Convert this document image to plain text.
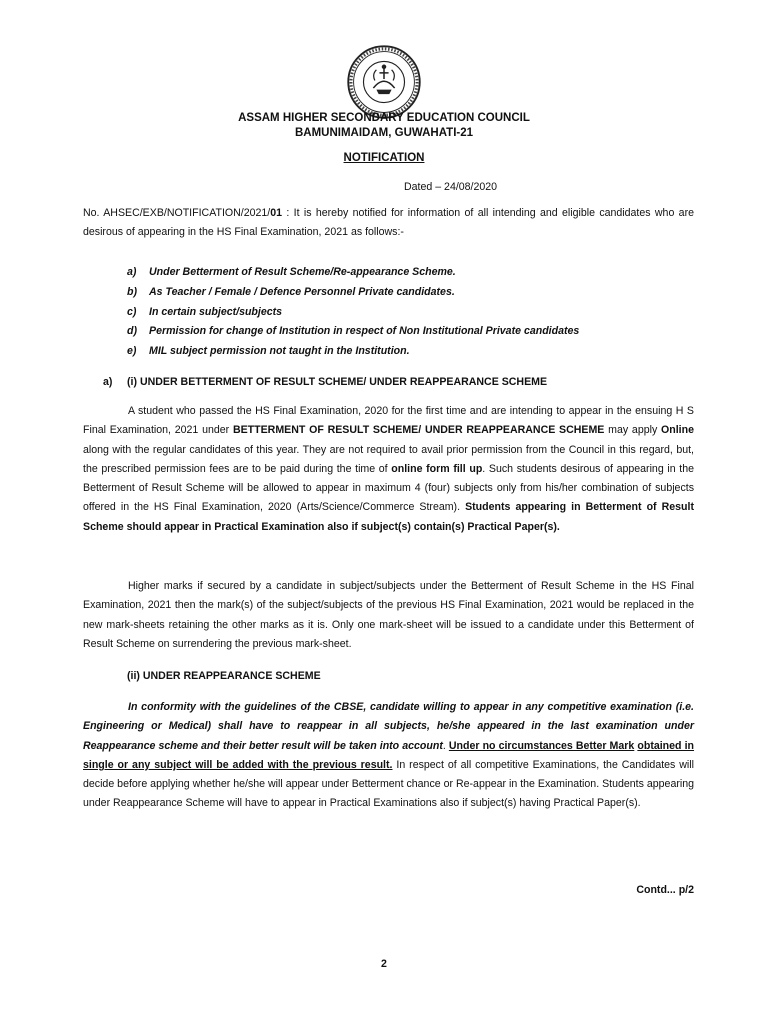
ASSAM HIGHER SECONDARY EDUCATION COUNCIL
BAMUNIMAIDAM, GUWAHATI-21
NOTIFICATION
Dated – 24/08/2020
No. AHSEC/EXB/NOTIFICATION/2021/01 : It is hereby notified for information of all intending and eligible candidates who are desirous of appearing in the HS Final Examination, 2021 as follows:-
a) Under Betterment of Result Scheme/Re-appearance Scheme.
b) As Teacher / Female / Defence Personnel Private candidates.
c) In certain subject/subjects
d) Permission for change of Institution in respect of Non Institutional Private candidates
e) MIL subject permission not taught in the Institution.
a) (i) UNDER BETTERMENT OF RESULT SCHEME/ UNDER REAPPEARANCE SCHEME
A student who passed the HS Final Examination, 2020 for the first time and are intending to appear in the ensuing H S Final Examination, 2021 under BETTERMENT OF RESULT SCHEME/ UNDER REAPPEARANCE SCHEME may apply Online along with the regular candidates of this year. They are not required to avail prior permission from the Council in this regard, but, the prescribed permission fees are to be paid during the time of online form fill up. Such students desirous of appearing in the Betterment of Result Scheme will be allowed to appear in maximum 4 (four) subjects only from his/her combination of subjects offered in the HS Final Examination, 2020 (Arts/Science/Commerce Stream). Students appearing in Betterment of Result Scheme should appear in Practical Examination also if subject(s) contain(s) Practical Paper(s).
Higher marks if secured by a candidate in subject/subjects under the Betterment of Result Scheme in the HS Final Examination, 2021 then the mark(s) of the subject/subjects of the previous HS Final Examination, 2021 would be replaced in the new mark-sheets retaining the other marks as it is. Only one mark-sheet will be issued to a candidate under this Betterment of Result Scheme on surrendering the previous mark-sheet.
(ii) UNDER REAPPEARANCE SCHEME
In conformity with the guidelines of the CBSE, candidate willing to appear in any competitive examination (i.e. Engineering or Medical) shall have to reappear in all subjects, he/she appeared in the last examination under Reappearance scheme and their better result will be taken into account. Under no circumstances Better Mark obtained in single or any subject will be added with the previous result. In respect of all competitive Examinations, the Candidates will decide before applying whether he/she will appear under Betterment chance or Re-appear in the Examination. Students appearing under Reappearance Scheme will have to appear in Practical Examinations also if subject(s) having Practical Paper(s).
Contd... p/2
2
